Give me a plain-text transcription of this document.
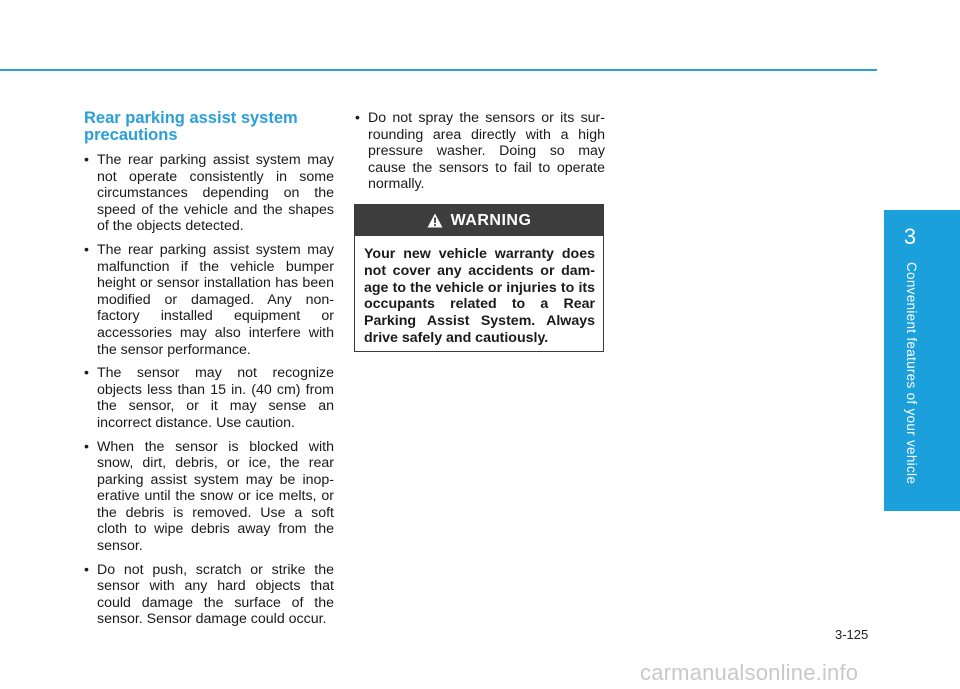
3
Convenient features of your vehicle
Rear parking assist system precautions
• The rear parking assist system may not operate consistently in some circumstances depending on the speed of the vehicle and the shapes of the objects detected.
• The rear parking assist system may malfunction if the vehicle bumper height or sensor installation has been modified or damaged. Any non-factory installed equipment or accessories may also interfere with the sensor performance.
• The sensor may not recognize objects less than 15 in. (40 cm) from the sensor, or it may sense an incorrect distance. Use caution.
• When the sensor is blocked with snow, dirt, debris, or ice, the rear parking assist system may be inop-erative until the snow or ice melts, or the debris is removed. Use a soft cloth to wipe debris away from the sensor.
• Do not push, scratch or strike the sensor with any hard objects that could damage the surface of the sensor. Sensor damage could occur.
• Do not spray the sensors or its sur-rounding area directly with a high pressure washer. Doing so may cause the sensors to fail to operate normally.
WARNING
Your new vehicle warranty does not cover any accidents or dam-age to the vehicle or injuries to its occupants related to a Rear Parking Assist System. Always drive safely and cautiously.
3-125
carmanualsonline.info
